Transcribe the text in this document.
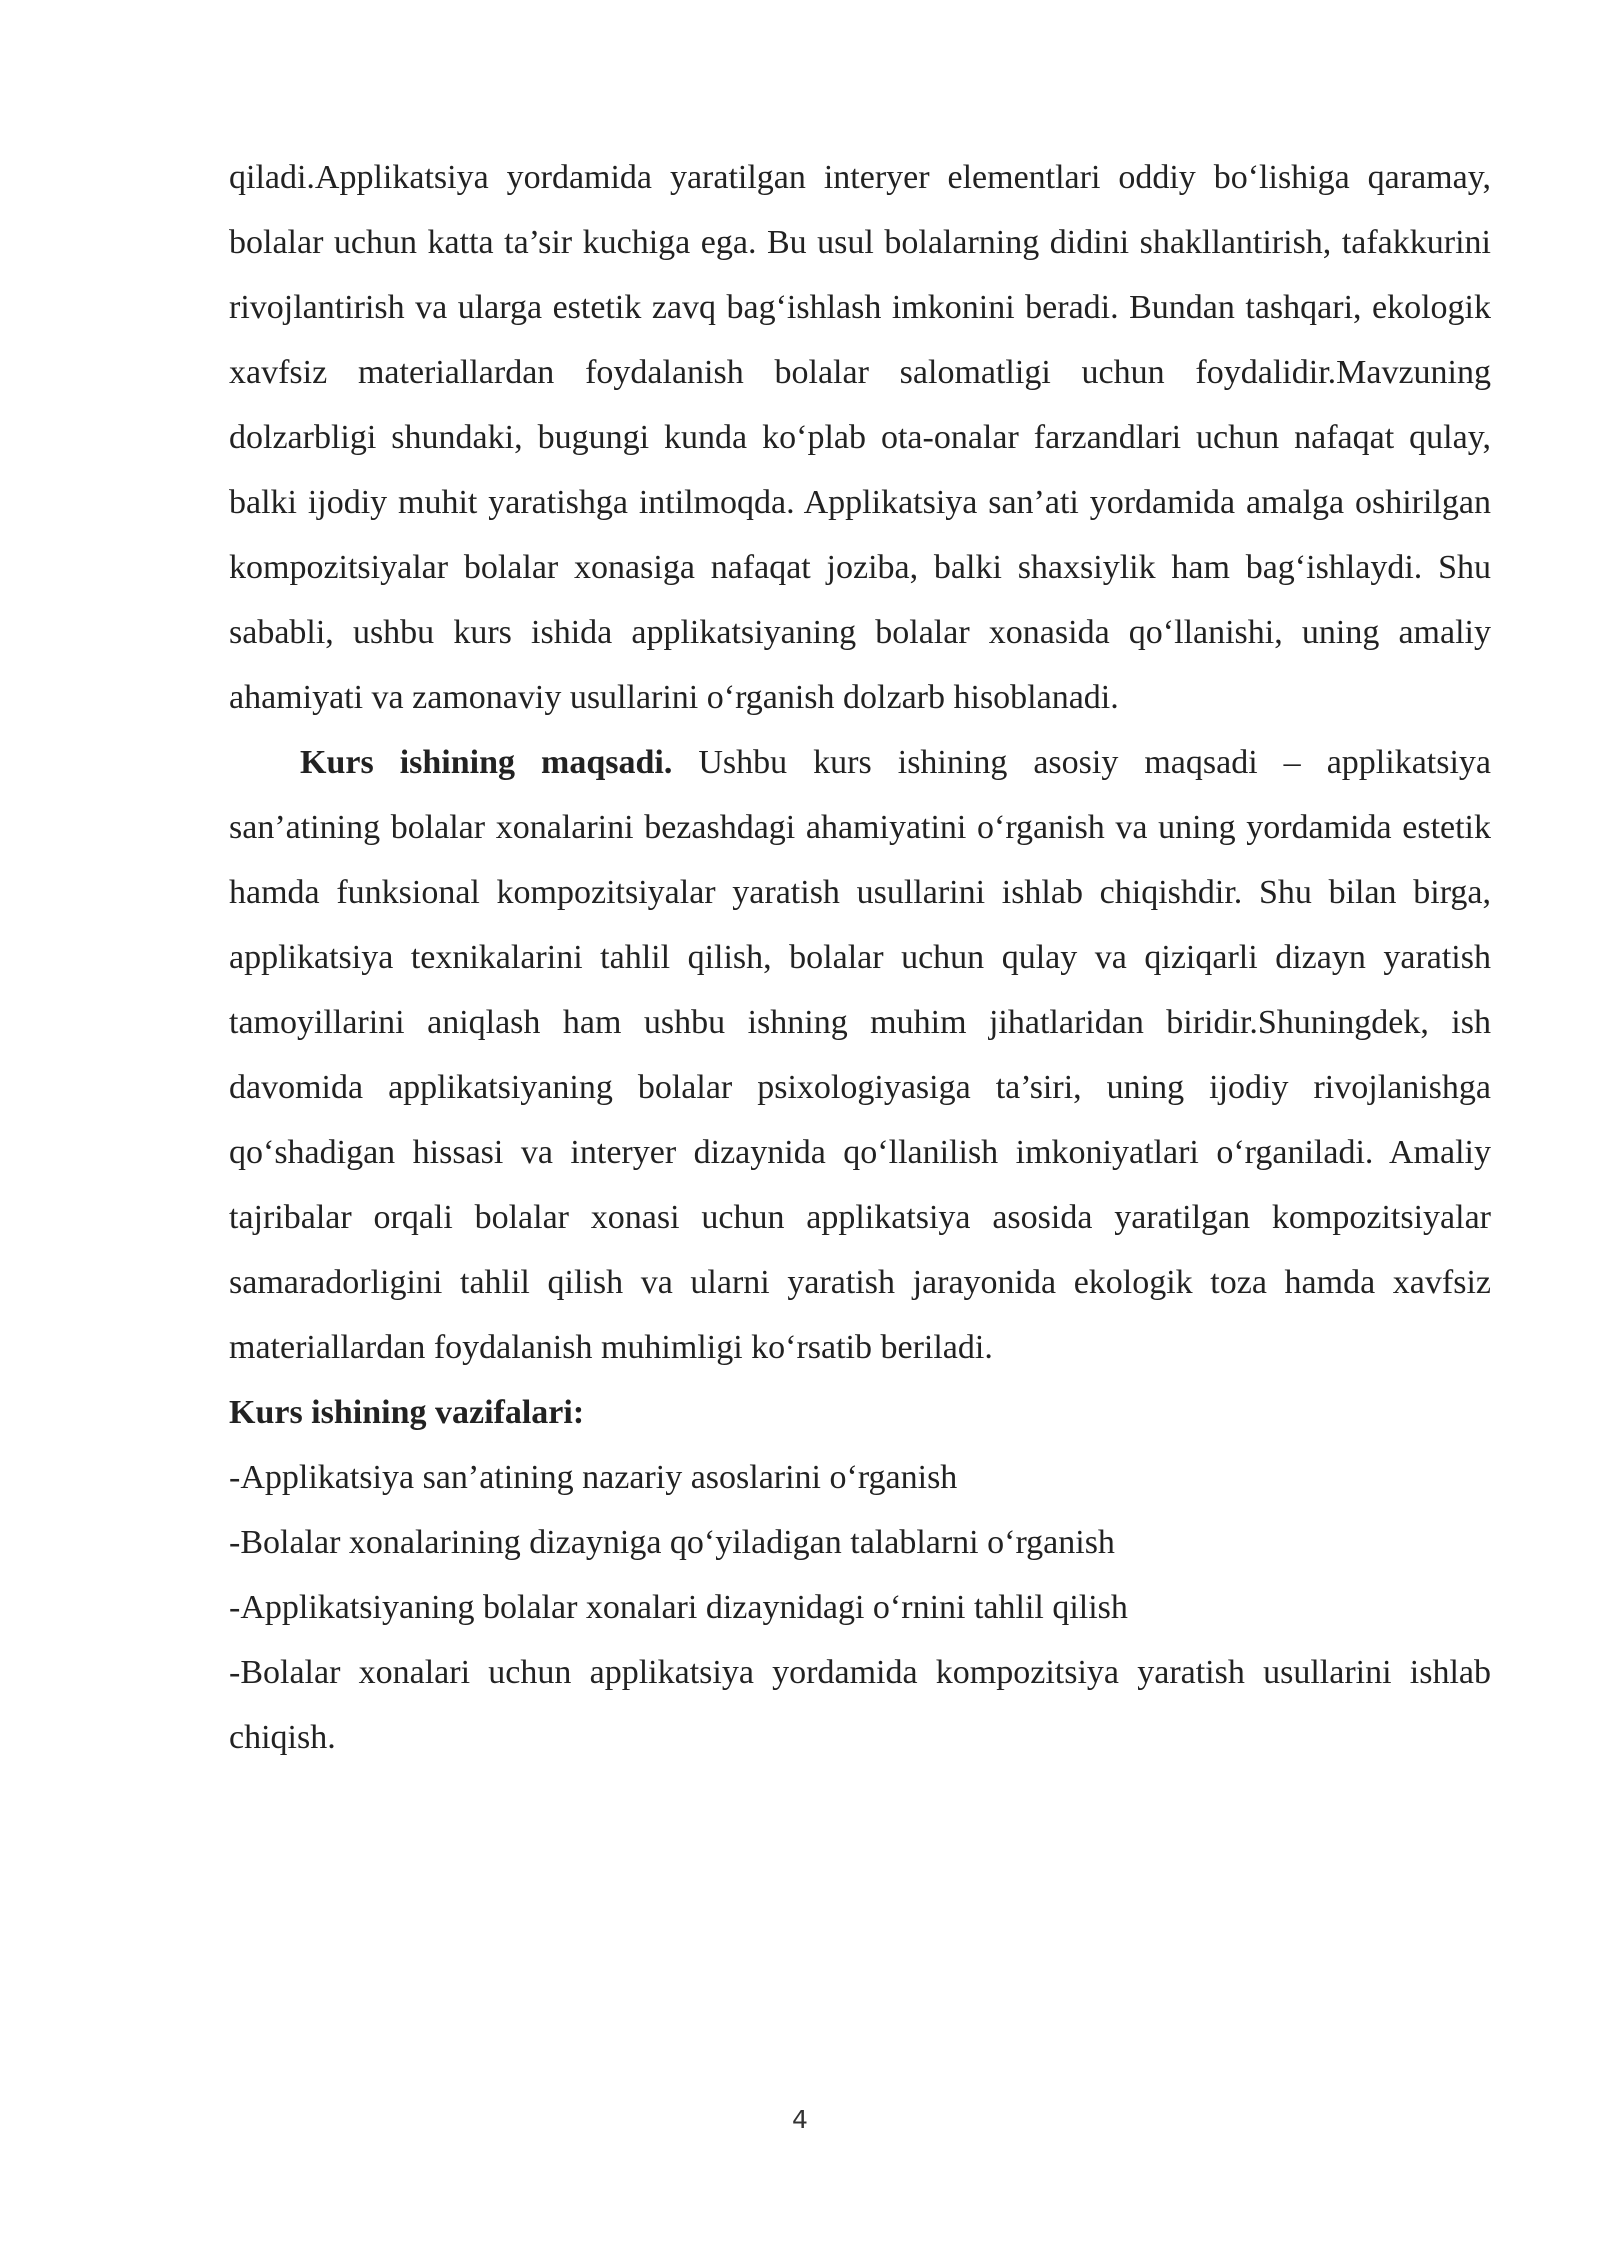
qiladi.Applikatsiya yordamida yaratilgan interyer elementlari oddiy bo‘lishiga qaramay, bolalar uchun katta ta’sir kuchiga ega. Bu usul bolalarning didini shakllantirish, tafakkurini rivojlantirish va ularga estetik zavq bag‘ishlash imkonini beradi. Bundan tashqari, ekologik xavfsiz materiallardan foydalanish bolalar salomatligi uchun foydalidir.Mavzuning dolzarbligi shundaki, bugungi kunda ko‘plab ota-onalar farzandlari uchun nafaqat qulay, balki ijodiy muhit yaratishga intilmoqda. Applikatsiya san’ati yordamida amalga oshirilgan kompozitsiyalar bolalar xonasiga nafaqat joziba, balki shaxsiylik ham bag‘ishlaydi. Shu sababli, ushbu kurs ishida applikatsiyaning bolalar xonasida qo‘llanishi, uning amaliy ahamiyati va zamonaviy usullarini o‘rganish dolzarb hisoblanadi.

Kurs ishining maqsadi. Ushbu kurs ishining asosiy maqsadi – applikatsiya san’atining bolalar xonalarini bezashdagi ahamiyatini o‘rganish va uning yordamida estetik hamda funksional kompozitsiyalar yaratish usullarini ishlab chiqishdir. Shu bilan birga, applikatsiya texnikalarini tahlil qilish, bolalar uchun qulay va qiziqarli dizayn yaratish tamoyillarini aniqlash ham ushbu ishning muhim jihatlaridan biridir.Shuningdek, ish davomida applikatsiyaning bolalar psixologiyasiga ta’siri, uning ijodiy rivojlanishga qo‘shadigan hissasi va interyer dizaynida qo‘llanilish imkoniyatlari o‘rganiladi. Amaliy tajribalar orqali bolalar xonasi uchun applikatsiya asosida yaratilgan kompozitsiyalar samaradorligini tahlil qilish va ularni yaratish jarayonida ekologik toza hamda xavfsiz materiallardan foydalanish muhimligi ko‘rsatib beriladi.

Kurs ishining vazifalari:

-Applikatsiya san’atining nazariy asoslarini o‘rganish

-Bolalar xonalarining dizayniga qo‘yiladigan talablarni o‘rganish

-Applikatsiyaning bolalar xonalari dizaynidagi o‘rnini tahlil qilish

-Bolalar xonalari uchun applikatsiya yordamida kompozitsiya yaratish usullarini ishlab chiqish.

4
